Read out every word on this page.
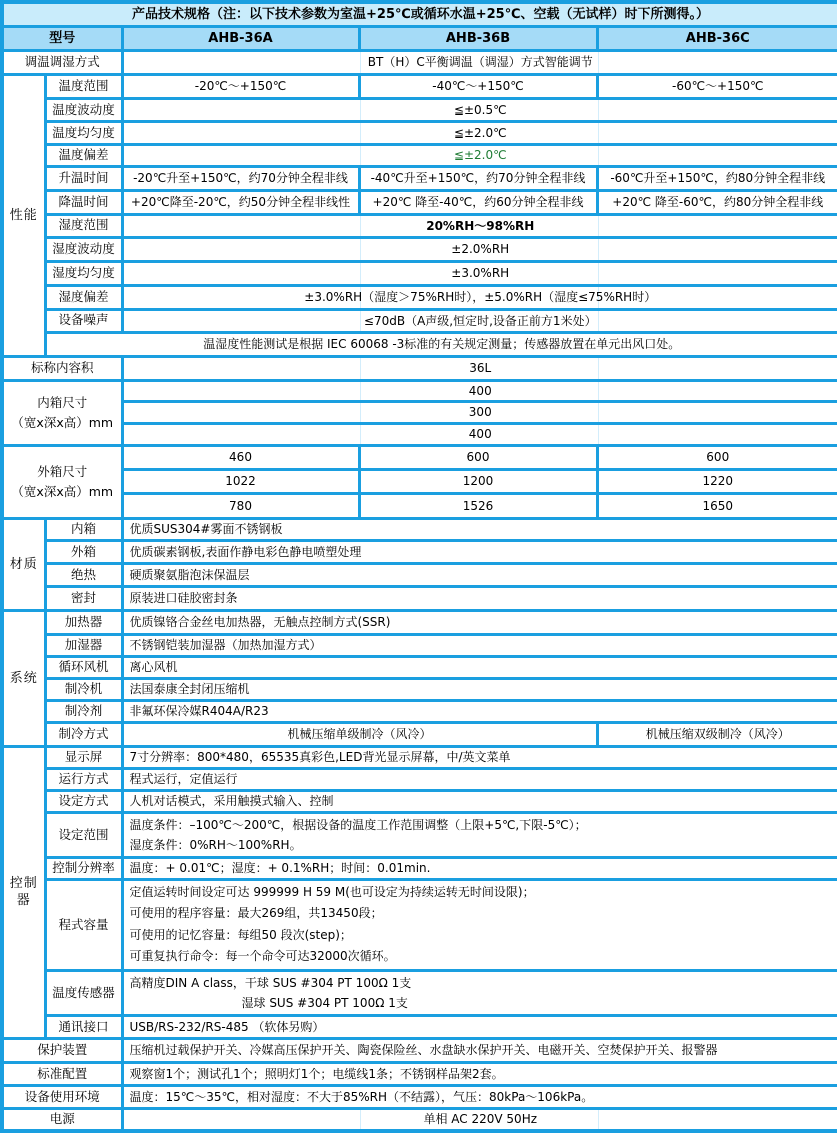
产品技术规格（注：以下技术参数为室温+25℃或循环水温+25℃、空载（无试样）时下所测得。）				
型号		AHB-36A	AHB-36B	AHB-36C
调温调湿方式		BT（H）C平衡调温（调湿）方式智能调节		
性能	温度范围	-20℃～+150℃	-40℃～+150℃	-60℃～+150℃
	温度波动度	≦±0.5℃		
	温度均匀度	≦±2.0℃		
	温度偏差	≦±2.0℃		
	升温时间	-20℃升至+150℃，约70分钟全程非线	-40℃升至+150℃，约70分钟全程非线	-60℃升至+150℃，约80分钟全程非线
	降温时间	+20℃降至-20℃，约50分钟全程非线性	+20℃ 降至-40℃，约60分钟全程非线	+20℃ 降至-60℃，约80分钟全程非线
	湿度范围	20%RH～98%RH		
	湿度波动度	±2.0%RH		
	湿度均匀度	±3.0%RH		
	湿度偏差	±3.0%RH（湿度＞75%RH时），±5.0%RH（湿度≤75%RH时）		
	设备噪声	≤70dB（A声级,恒定时,设备正前方1米处）		
	温湿度性能测试是根据 IEC 60068 -3标准的有关规定测量；传感器放置在单元出风口处。			
标称内容积		36L		

内箱尺寸
（宽x深x高）mm		400		
		300		
		400		

外箱尺寸
（宽x深x高）mm		460	600	600
		1022	1200	1220
		780	1526	1650
材质	内箱	优质SUS304#雾面不锈钢板		
	外箱	优质碳素钢板,表面作静电彩色静电喷塑处理		
	绝热	硬质聚氨脂泡沫保温层		
	密封	原装进口硅胶密封条		
系统	加热器	优质镍铬合金丝电加热器，无触点控制方式(SSR)		
	加湿器	不锈钢铠装加湿器（加热加湿方式）		
	循环风机	离心风机		
	制冷机	法国泰康全封闭压缩机		
	制冷剂	非氟环保冷媒R404A/R23		
	制冷方式	机械压缩单级制冷（风冷）		机械压缩双级制冷（风冷）
控制器	显示屏	7寸分辨率：800*480，65535真彩色,LED背光显示屏幕，中/英文菜单		
	运行方式	程式运行，定值运行		
	设定方式	人机对话模式，采用触摸式输入、控制		
	设定范围	温度条件：–100℃～200℃，根据设备的温度工作范围调整（上限+5℃,下限-5℃）；
湿度条件：0%RH～100%RH。		

	控制分辨率	温度：+ 0.01℃；湿度：+ 0.1%RH；时间：0.01min.		
	程式容量	定值运转时间设定可达 999999 H 59 M(也可设定为持续运转无时间设限)；
可使用的程序容量：最大269组，共13450段；
可使用的记忆容量：每组50 段次(step)；
可重复执行命令：每一个命令可达32000次循环。		

	温度传感器	高精度DIN A class，干球 SUS #304 PT 100Ω 1支
湿球 SUS #304 PT 100Ω 1支		

	通讯接口	USB/RS-232/RS-485 （软体另购）		
保护装置		压缩机过载保护开关、冷媒高压保护开关、陶瓷保险丝、水盘缺水保护开关、电磁开关、空焚保护开关、报警器		
标准配置		观察窗1个；测试孔1个；照明灯1个；电缆线1条；不锈钢样品架2套。		
设备使用环境		温度：15℃～35℃，相对湿度：不大于85%RH（不结露），气压：80kPa～106kPa。		
电源		单相 AC 220V 50Hz		
